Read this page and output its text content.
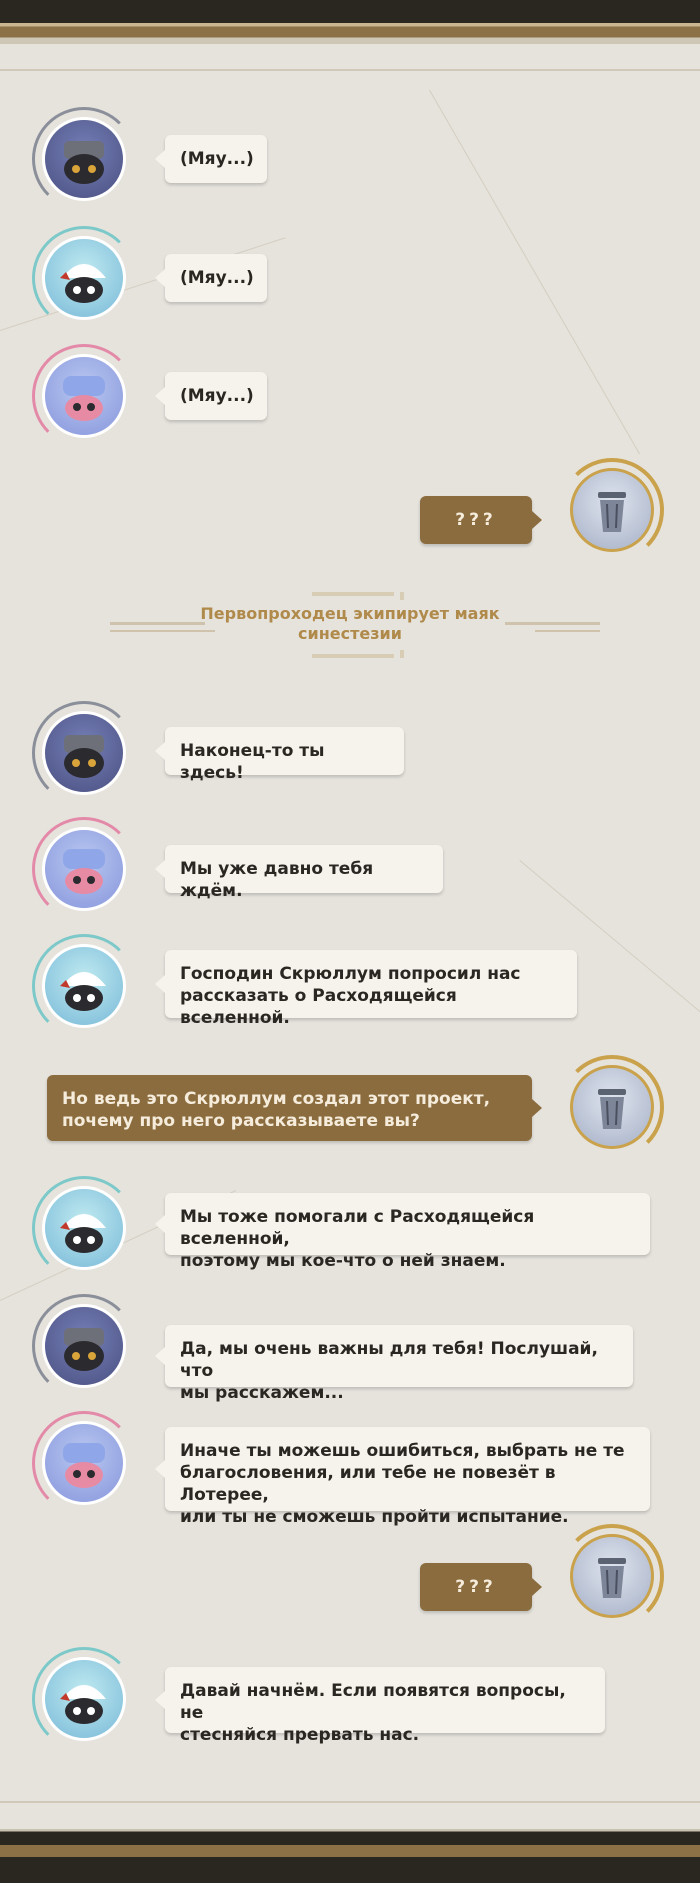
(Мяу...)
(Мяу...)
(Мяу...)
???
Первопроходец экипирует маяк
синестезии
Наконец-то ты здесь!
Мы уже давно тебя ждём.
Господин Скрюллум попросил нас
рассказать о Расходящейся вселенной.
Но ведь это Скрюллум создал этот проект,
почему про него рассказываете вы?
Мы тоже помогали с Расходящейся вселенной,
поэтому мы кое-что о ней знаем.
Да, мы очень важны для тебя! Послушай, что
мы расскажем...
Иначе ты можешь ошибиться, выбрать не те
благословения, или тебе не повезёт в Лотерее,
или ты не сможешь пройти испытание.
???
Давай начнём. Если появятся вопросы, не
стесняйся прервать нас.
